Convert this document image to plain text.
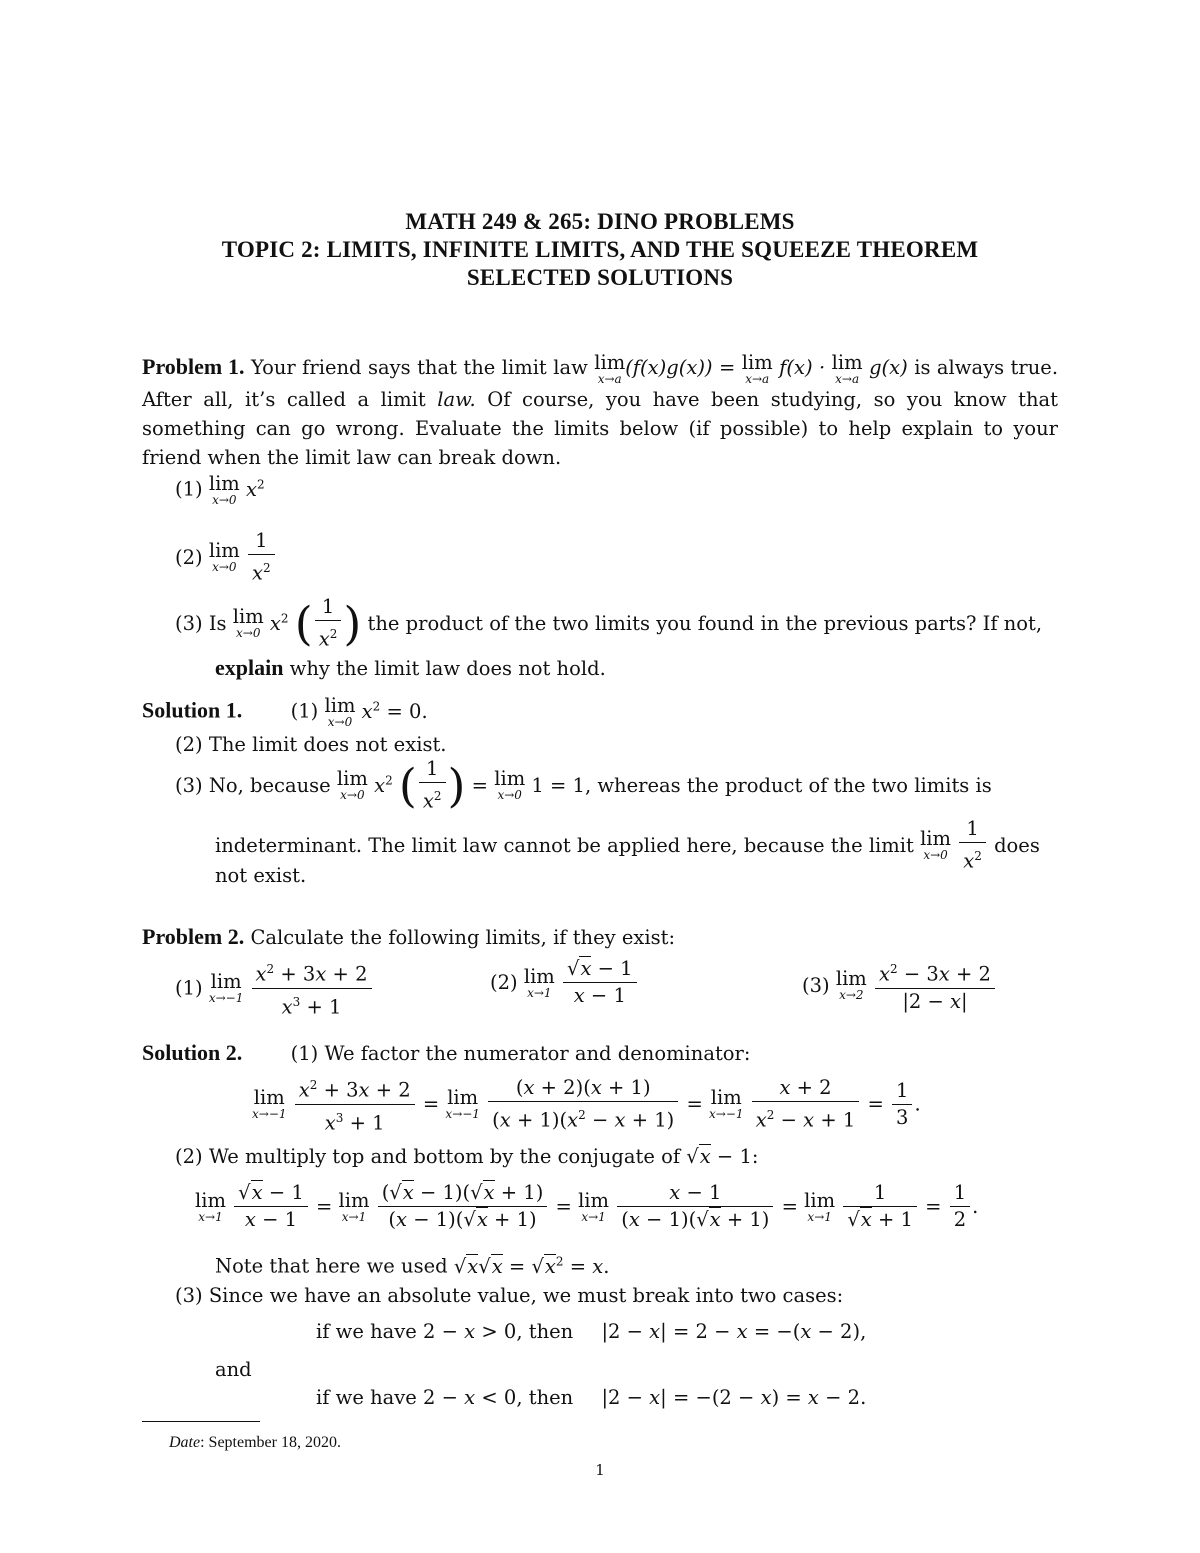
MATH 249 & 265: DINO PROBLEMS
TOPIC 2: LIMITS, INFINITE LIMITS, AND THE SQUEEZE THEOREM
SELECTED SOLUTIONS
Problem 1. Your friend says that the limit law lim
x→a (f(x)g(x)) = lim
x→a f(x) · lim
x→a g(x) is always true. After all, it’s called a limit law. Of course, you have been studying, so you know that something can go wrong. Evaluate the limits below (if possible) to help explain to your friend when the limit law can break down.
(1) lim
x→0 $x^2$
(2) lim
x→0
$\frac{1}{x^2}$
(3) Is lim
x→0 $x^2$ ( $\frac{1}{x^2}$ ) the product of the two limits you found in the previous parts? If not,
explain why the limit law does not hold.
Solution 1. (1) lim
x→0 $x^2 = 0$.
(2) The limit does not exist.
(3) No, because lim
x→0 $x^2$ ( $\frac{1}{x^2}$ ) = lim
x→0 1 = 1, whereas the product of the two limits is
indeterminant. The limit law cannot be applied here, because the limit lim
x→0
$\frac{1}{x^2}$ does
not exist.
Problem 2. Calculate the following limits, if they exist:
(1) lim
x→−1
$\frac{x^2 + 3x + 2}{x^3 + 1}$	(2) lim
x→1
$\frac{√x - 1}{x - 1}$	(3) lim
x→2
$\frac{x^2 - 3x + 2}{|2 - x|}$
Solution 2. (1) We factor the numerator and denominator:
lim
x→−1
$\frac{x^2 + 3x + 2}{x^3 + 1} = \lim$
x→−1
$\frac{(x + 2)(x + 1)}{(x + 1)(x^2 - x + 1)} = \lim$
x→−1
$\frac{x + 2}{x^2 - x + 1} = \frac{1}{3}$ .
(2) We multiply top and bottom by the conjugate of √x − 1:
lim
x→1
$\frac{√x - 1}{x - 1} = \lim$
x→1
$\frac{(√x - 1)(√x + 1)}{(x - 1)(√x + 1)} = \lim$
x→1
$\frac{x - 1}{(x - 1)(√x + 1)} = \lim$
x→1
$\frac{1}{√x + 1} = \frac{1}{2}$ .
Note that here we used $√x√x = √x^2 = x$.
(3) Since we have an absolute value, we must break into two cases:
if we have 2 − x > 0, then |2 − x| = 2 − x = −(x − 2),
and
if we have 2 − x < 0, then |2 − x| = −(2 − x) = x − 2.
Date: September 18, 2020.
1
